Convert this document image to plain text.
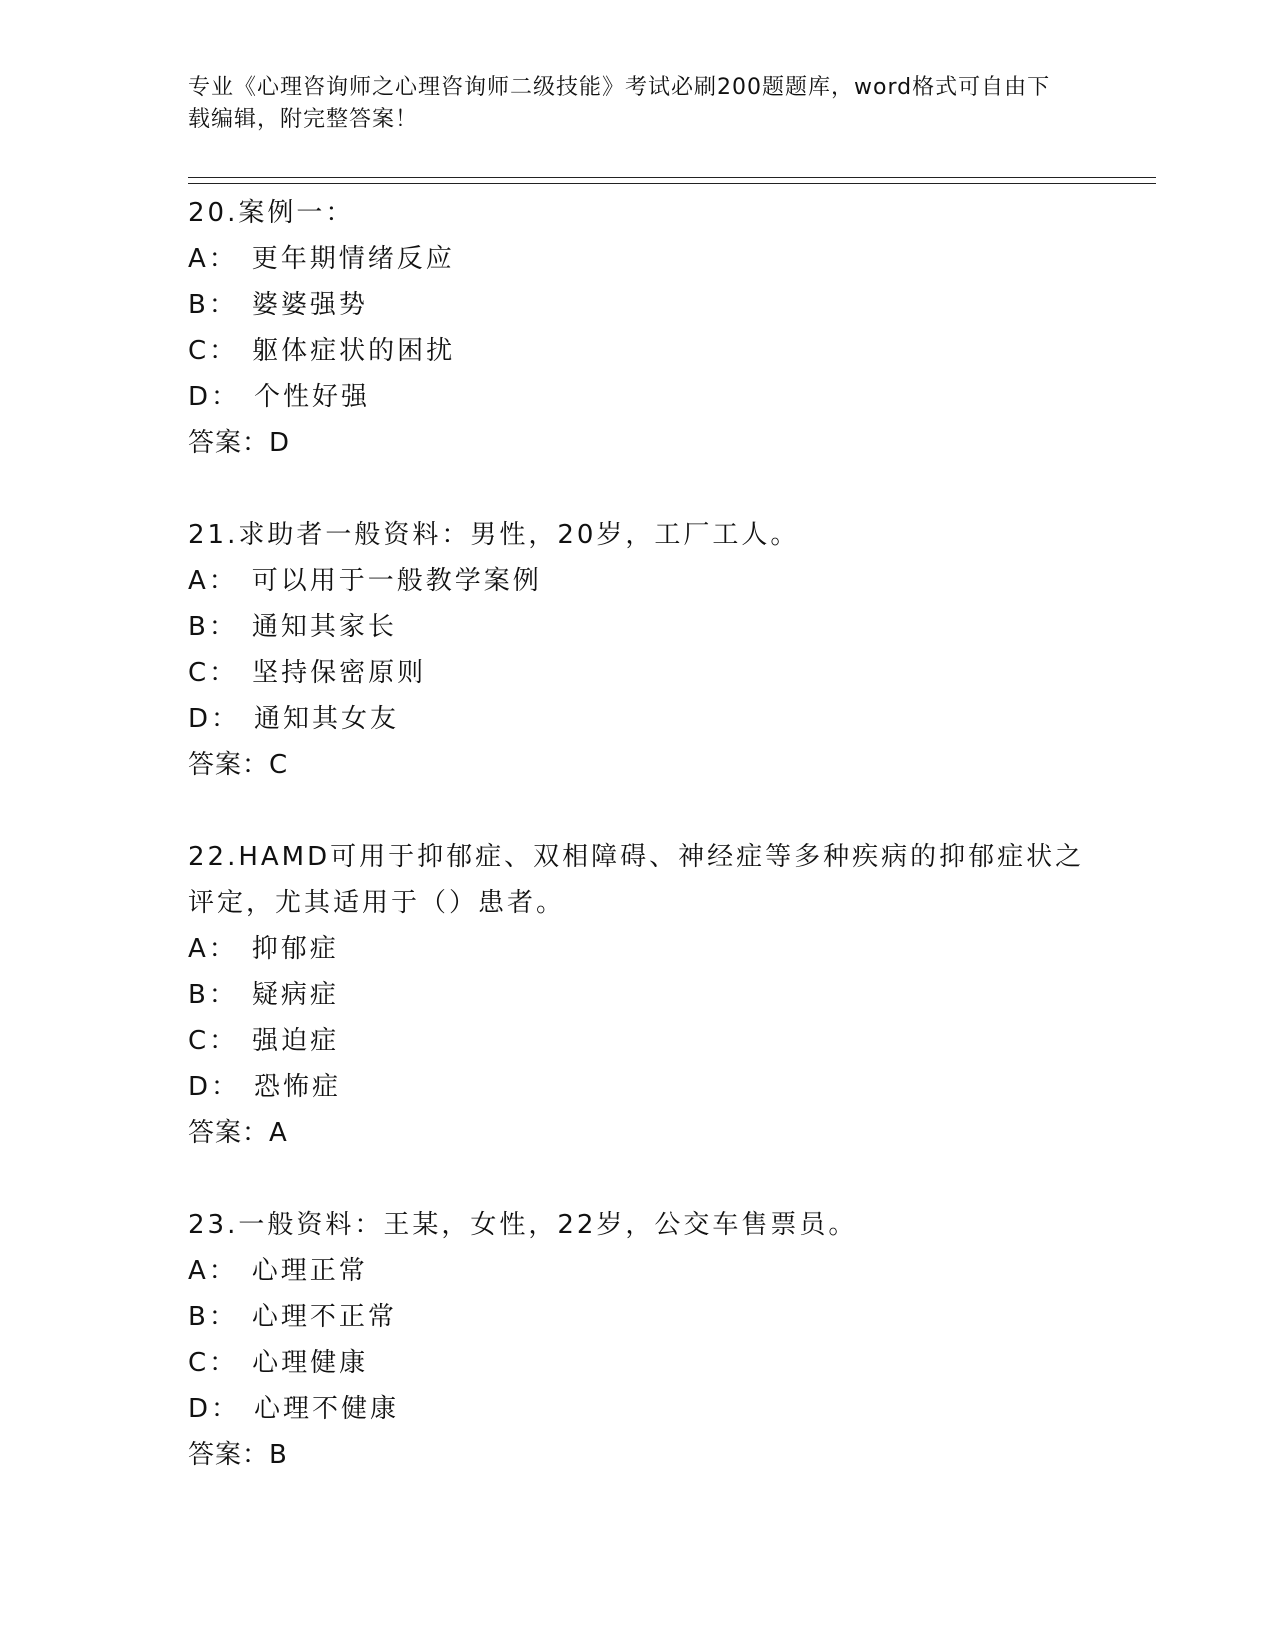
专业《心理咨询师之心理咨询师二级技能》考试必刷200题题库，word格式可自由下载编辑，附完整答案！
20.案例一：
A： 更年期情绪反应
B： 婆婆强势
C： 躯体症状的困扰
D： 个性好强
答案：D
21.求助者一般资料：男性，20岁，工厂工人。
A： 可以用于一般教学案例
B： 通知其家长
C： 坚持保密原则
D： 通知其女友
答案：C
22.HAMD可用于抑郁症、双相障碍、神经症等多种疾病的抑郁症状之评定，尤其适用于（）患者。
A： 抑郁症
B： 疑病症
C： 强迫症
D： 恐怖症
答案：A
23.一般资料：王某，女性，22岁，公交车售票员。
A： 心理正常
B： 心理不正常
C： 心理健康
D： 心理不健康
答案：B
